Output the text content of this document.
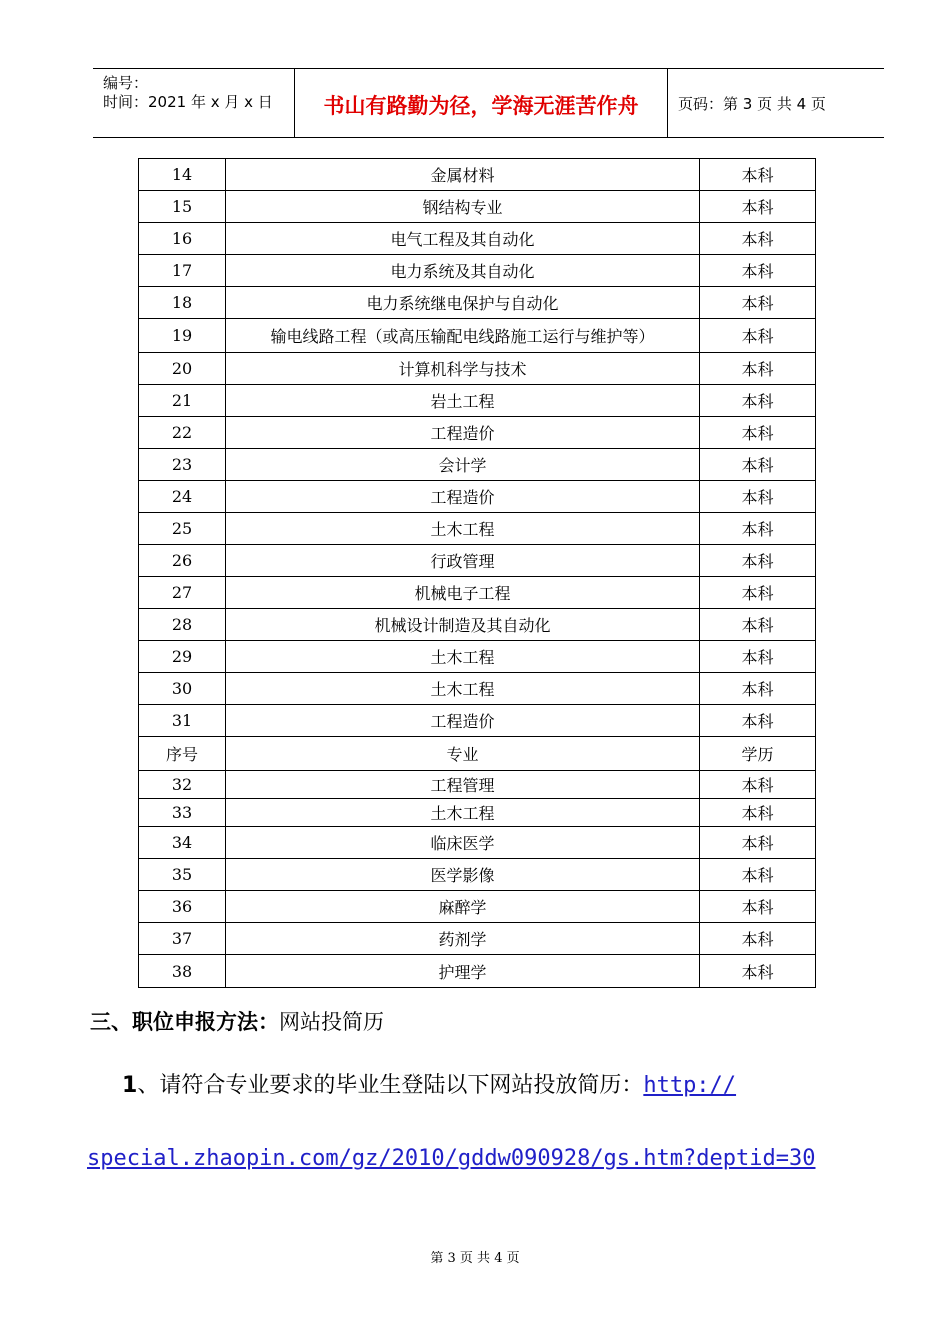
编号：
时间：2021 年 x 月 x 日	书山有路勤为径，学海无涯苦作舟	页码：第 3 页 共 4 页
14	金属材料	本科
15	钢结构专业	本科
16	电气工程及其自动化	本科
17	电力系统及其自动化	本科
18	电力系统继电保护与自动化	本科
19	输电线路工程（或高压输配电线路施工运行与维护等）	本科
20	计算机科学与技术	本科
21	岩土工程	本科
22	工程造价	本科
23	会计学	本科
24	工程造价	本科
25	土木工程	本科
26	行政管理	本科
27	机械电子工程	本科
28	机械设计制造及其自动化	本科
29	土木工程	本科
30	土木工程	本科
31	工程造价	本科
序号	专业	学历
32	工程管理	本科
33	土木工程	本科
34	临床医学	本科
35	医学影像	本科
36	麻醉学	本科
37	药剂学	本科
38	护理学	本科
三、职位申报方法：网站投简历
1、请符合专业要求的毕业生登陆以下网站投放简历：http://
special.zhaopin.com/gz/2010/gddw090928/gs.htm?deptid=30
第 3 页 共 4 页
